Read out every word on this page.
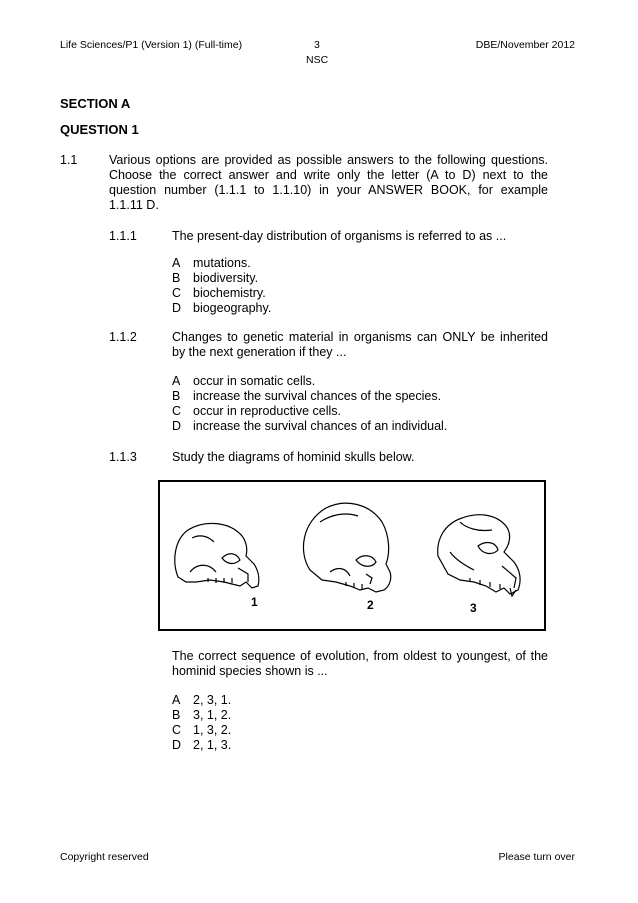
Life Sciences/P1 (Version 1) (Full-time)	3
NSC
DBE/November 2012
SECTION A
QUESTION 1
1.1	Various options are provided as possible answers to the following questions.
Choose the correct answer and write only the letter (A to D) next to the
question number (1.1.1 to 1.1.10) in your ANSWER BOOK, for example
1.1.11 D.
1.1.1	The present-day distribution of organisms is referred to as ...
A	mutations.
B	biodiversity.
C biochemistry.
D biogeography.
1.1.2	Changes to genetic material in organisms can ONLY be inherited
by the next generation if they ...
A	occur in somatic cells.
B	increase the survival chances of the species.
C occur in reproductive cells.
D increase the survival chances of an individual.
1.1.3	Study the diagrams of hominid skulls below.
1	2	3
The correct sequence of evolution, from oldest to youngest, of the
hominid species shown is ...
A	2, 3, 1.
B	3, 1, 2.
C 1, 3, 2.
D 2, 1, 3.
Copyright reserved	Please turn over
